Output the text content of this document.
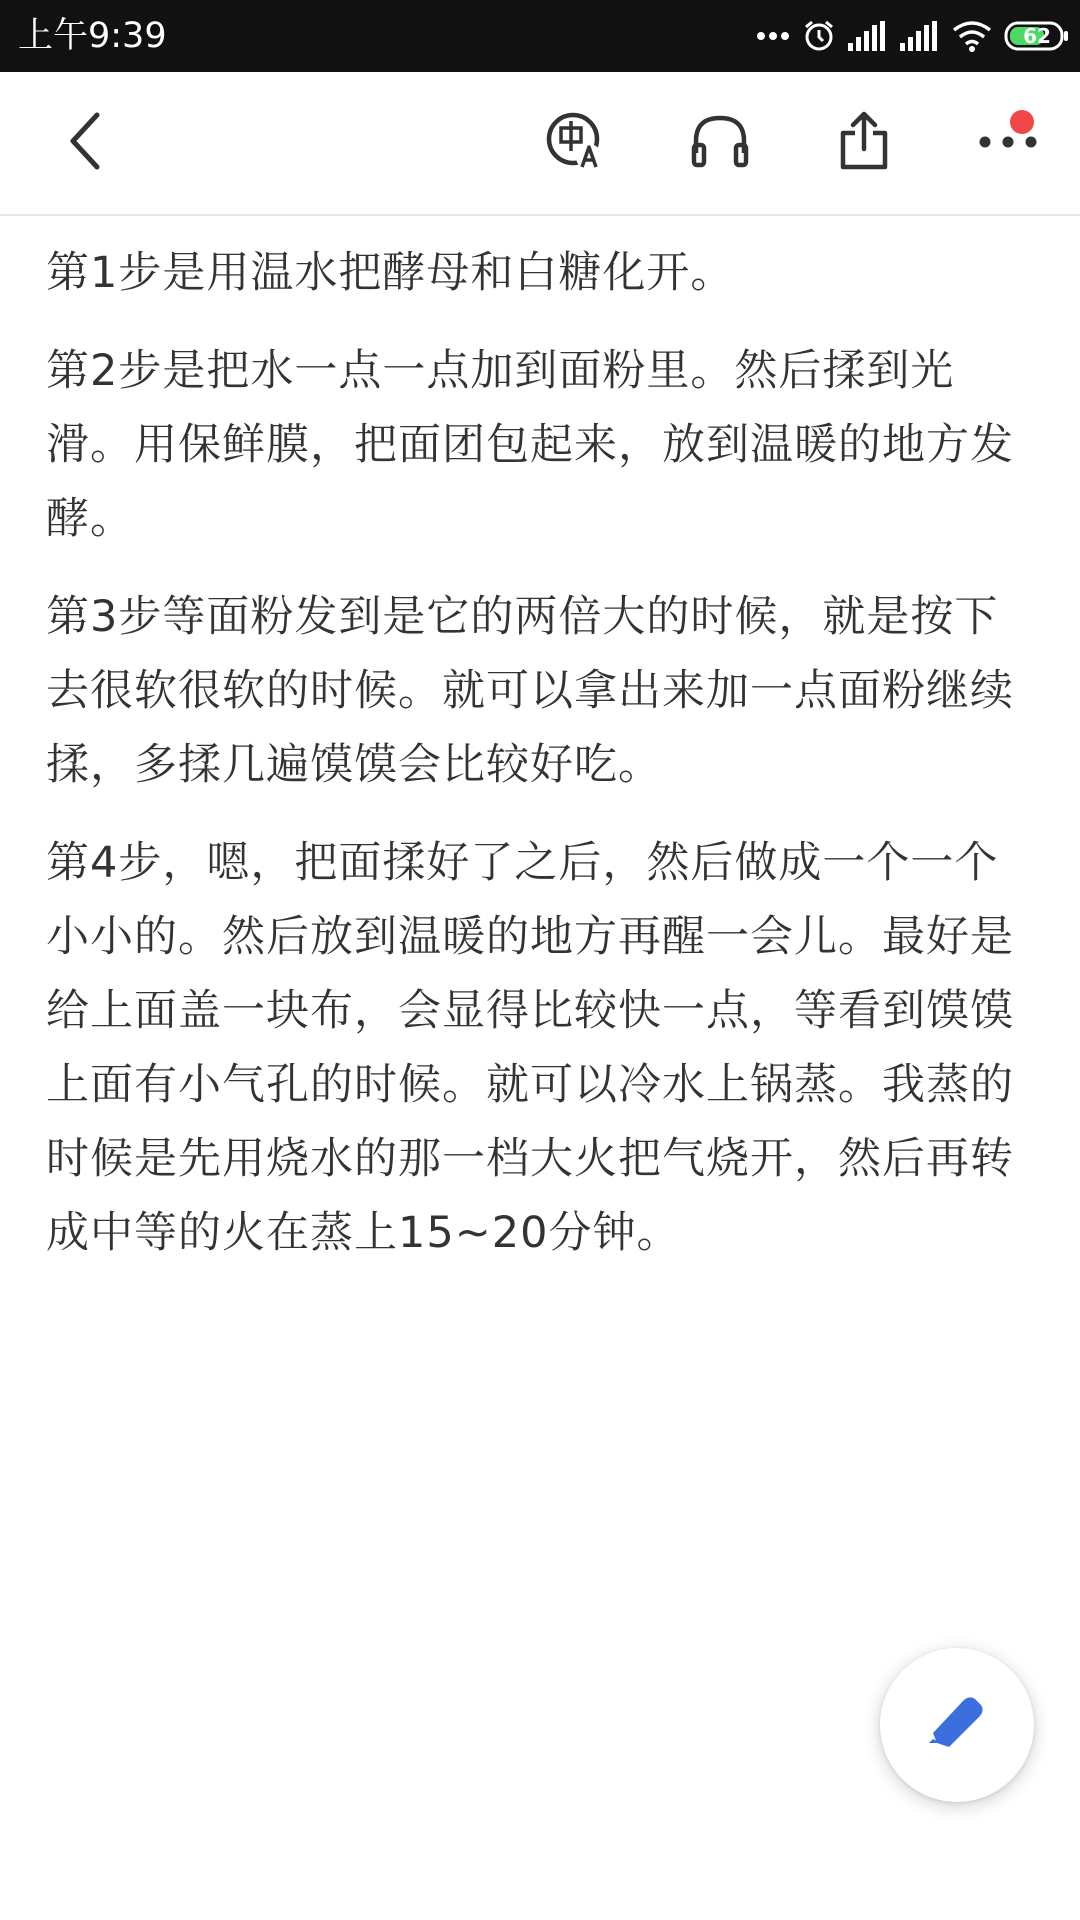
上午9:39	62

第1步是用温水把酵母和白糖化开。

第2步是把水一点一点加到面粉里。然后揉到光滑。用保鲜膜，把面团包起来，放到温暖的地方发酵。

第3步等面粉发到是它的两倍大的时候，就是按下去很软很软的时候。就可以拿出来加一点面粉继续揉，多揉几遍馍馍会比较好吃。

第4步，嗯，把面揉好了之后，然后做成一个一个小小的。然后放到温暖的地方再醒一会儿。最好是给上面盖一块布，会显得比较快一点，等看到馍馍上面有小气孔的时候。就可以冷水上锅蒸。我蒸的时候是先用烧水的那一档大火把气烧开，然后再转成中等的火在蒸上15~20分钟。
